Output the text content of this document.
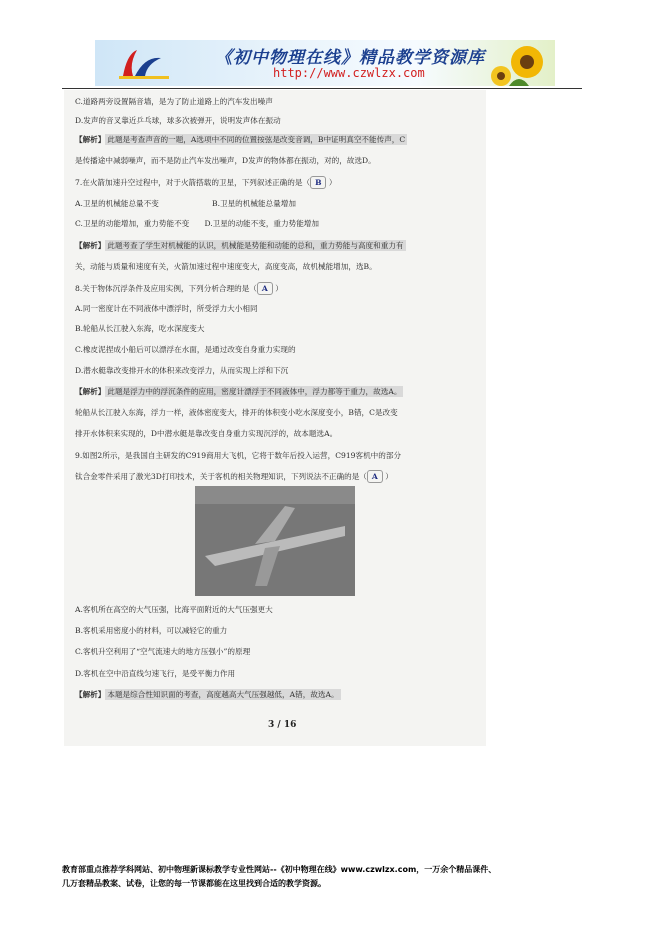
《初中物理在线》精品教学资源库
http://www.czwlzx.com
C.道路两旁设置隔音墙，是为了防止道路上的汽车发出噪声
D.发声的音叉靠近乒乓球，球多次被弹开，说明发声体在振动
【解析】 此题是考查声音的一题，A选项中不同的位置按弦是改变音调，B中证明真空不能传声，C
是传播途中减弱噪声，而不是防止汽车发出噪声，D发声的物体都在振动，对的，故选D。
7.在火箭加速升空过程中，对于火箭搭载的卫星，下列叙述正确的是（ B ）
A.卫星的机械能总量不变　　　　　　　B.卫星的机械能总量增加
C.卫星的动能增加，重力势能不变　　D.卫星的动能不变，重力势能增加
【解析】 此题考查了学生对机械能的认识，机械能是势能和动能的总和，重力势能与高度和重力有
关，动能与质量和速度有关，火箭加速过程中速度变大，高度变高，故机械能增加，选B。
8.关于物体沉浮条件及应用实例，下列分析合理的是（ A ）
A.同一密度计在不同液体中漂浮时，所受浮力大小相同
B.轮船从长江驶入东海，吃水深度变大
C.橡皮泥捏成小船后可以漂浮在水面，是通过改变自身重力实现的
D.潜水艇靠改变排开水的体积来改变浮力，从而实现上浮和下沉
【解析】 此题是浮力中的浮沉条件的应用，密度计漂浮于不同液体中，浮力都等于重力，故选A。
轮船从长江驶入东海，浮力一样，液体密度变大，排开的体积变小吃水深度变小，B错，C是改变
排开水体积来实现的，D中潜水艇是靠改变自身重力实现沉浮的，故本题选A。
9.如图2所示，是我国自主研发的C919商用大飞机，它将于数年后投入运营，C919客机中的部分
钛合金零件采用了激光3D打印技术，关于客机的相关物理知识，下列说法不正确的是（ A ）
A.客机所在高空的大气压强，比海平面附近的大气压强更大
B.客机采用密度小的材料，可以减轻它的重力
C.客机升空利用了“空气流速大的地方压强小”的原理
D.客机在空中沿直线匀速飞行，是受平衡力作用
【解析】 本题是综合性知识面的考查，高度越高大气压强越低，A错，故选A。
3 / 16
教育部重点推荐学科网站、初中物理新课标教学专业性网站--《初中物理在线》www.czwlzx.com，一万余个精品课件、
几万套精品教案、试卷，让您的每一节课都能在这里找到合适的教学资源。
